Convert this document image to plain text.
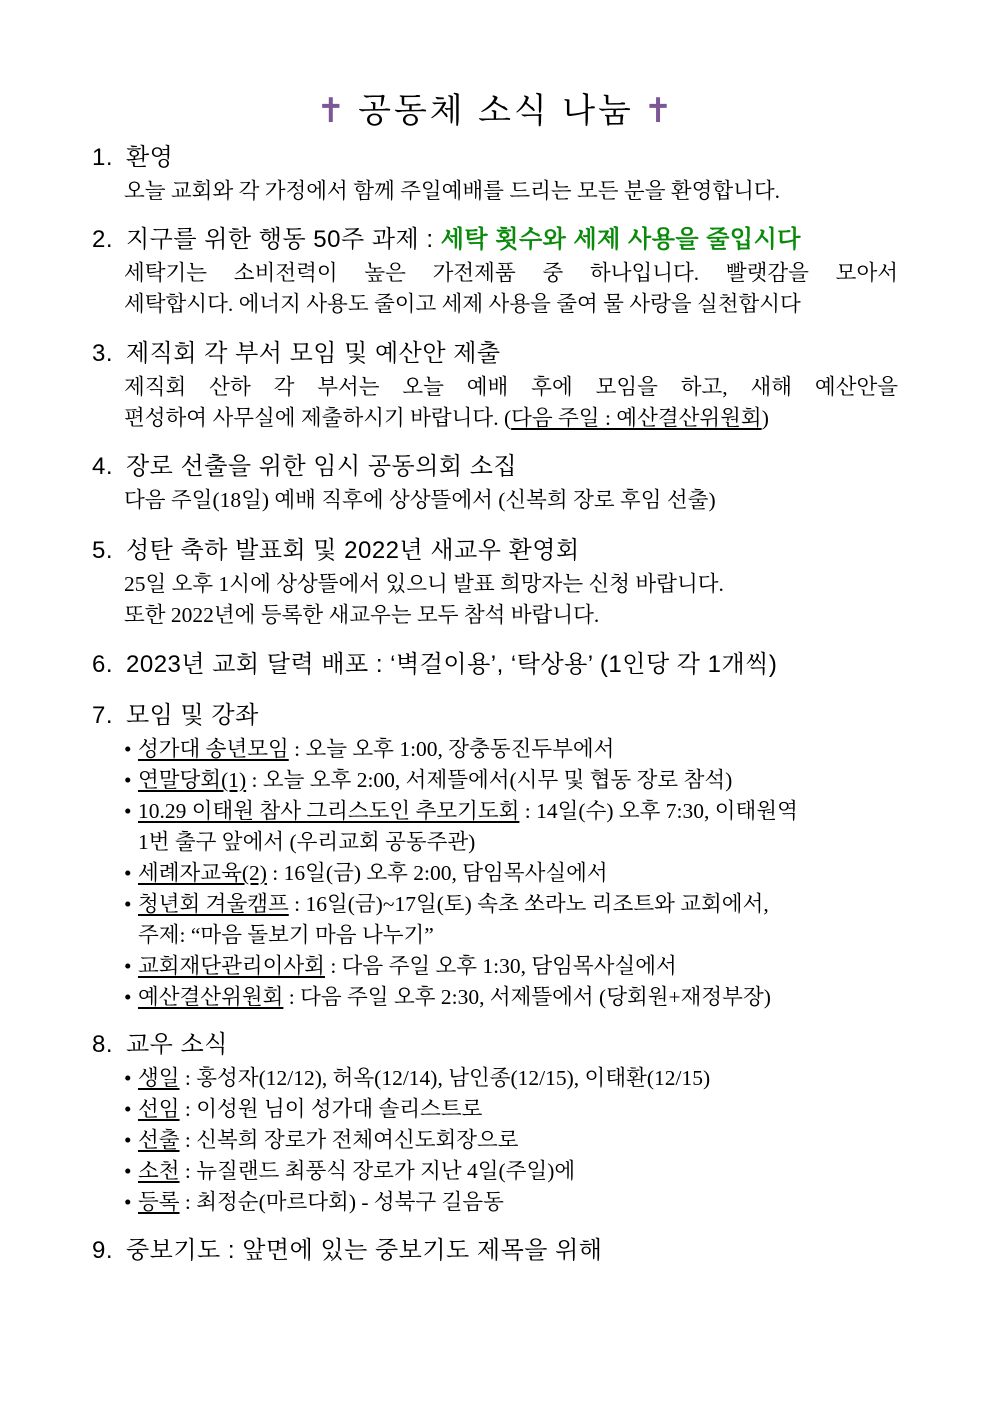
✝ 공동체 소식 나눔 ✝
1. 환영
오늘 교회와 각 가정에서 함께 주일예배를 드리는 모든 분을 환영합니다.
2. 지구를 위한 행동 50주 과제 : 세탁 횟수와 세제 사용을 줄입시다
세탁기는 소비전력이 높은 가전제품 중 하나입니다. 빨랫감을 모아서
세탁합시다. 에너지 사용도 줄이고 세제 사용을 줄여 물 사랑을 실천합시다
3. 제직회 각 부서 모임 및 예산안 제출
제직회 산하 각 부서는 오늘 예배 후에 모임을 하고, 새해 예산안을
편성하여 사무실에 제출하시기 바랍니다. (다음 주일 : 예산결산위원회)
4. 장로 선출을 위한 임시 공동의회 소집
다음 주일(18일) 예배 직후에 상상뜰에서 (신복희 장로 후임 선출)
5. 성탄 축하 발표회 및 2022년 새교우 환영회
25일 오후 1시에 상상뜰에서 있으니 발표 희망자는 신청 바랍니다.
또한 2022년에 등록한 새교우는 모두 참석 바랍니다.
6. 2023년 교회 달력 배포 : ‘벽걸이용’, ‘탁상용’ (1인당 각 1개씩)
7. 모임 및 강좌
• 성가대 송년모임 : 오늘 오후 1:00, 장충동진두부에서
• 연말당회(1) : 오늘 오후 2:00, 서제뜰에서(시무 및 협동 장로 참석)
• 10.29 이태원 참사 그리스도인 추모기도회 : 14일(수) 오후 7:30, 이태원역
1번 출구 앞에서 (우리교회 공동주관)
• 세례자교육(2) : 16일(금) 오후 2:00, 담임목사실에서
• 청년회 겨울캠프 : 16일(금)~17일(토) 속초 쏘라노 리조트와 교회에서,
주제: “마음 돌보기 마음 나누기”
• 교회재단관리이사회 : 다음 주일 오후 1:30, 담임목사실에서
• 예산결산위원회 : 다음 주일 오후 2:30, 서제뜰에서 (당회원+재정부장)
8. 교우 소식
• 생일 : 홍성자(12/12), 허옥(12/14), 남인종(12/15), 이태환(12/15)
• 선임 : 이성원 님이 성가대 솔리스트로
• 선출 : 신복희 장로가 전체여신도회장으로
• 소천 : 뉴질랜드 최풍식 장로가 지난 4일(주일)에
• 등록 : 최정순(마르다회) - 성북구 길음동
9. 중보기도 : 앞면에 있는 중보기도 제목을 위해
